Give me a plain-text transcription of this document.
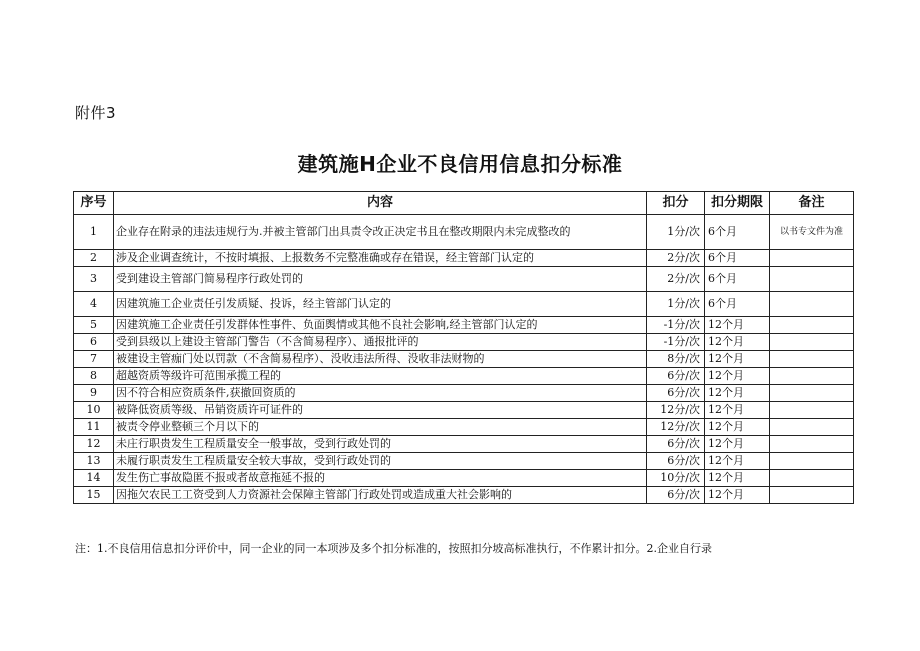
附件3
建筑施H企业不良信用信息扣分标准
序号	内容	扣分	扣分期限	备注
1	企业存在附录的违法违规行为.并被主管部门出具责令改正决定书且在整改期限内未完成整改的	1分/次	6个月	以书专文件为准
2	涉及企业调查统计，不按时填报、上报数务不完整准确或存在错误，经主管部门认定的	2分/次	6个月	
3	受到建设主管部门简易程序行政处罚的	2分/次	6个月	
4	因建筑施工企业责任引发质疑、投诉，经主管部门认定的	1分/次	6个月	
5	因建筑施工企业责任引发群体性事件、负面舆情或其他不良社会影响,经主管部门认定的	-1分/次	12个月	
6	受到县级以上建设主管部门警告（不含简易程序）、通报批评的	-1分/次	12个月	
7	被建设主管痂门处以罚款（不含简易程序）、没收违法所得、没收非法财物的	8分/次	12个月	
8	超越资质等级许可范围承揽工程的	6分/次	12个月	
9	因不符合相应资质条件,获撤回资质的	6分/次	12个月	
10	被降低资质等级、吊销资质许可证件的	12分/次	12个月	
11	被责令停业整顿三个月以下的	12分/次	12个月	
12	未庄行职贵发生工程质量安全一般事故，受到行政处罚的	6分/次	12个月	
13	未履行职责发生工程质量安全较大事故，受到行政处罚的	6分/次	12个月	
14	发生伤亡事故隐匿不报或者故意拖延不报的	10分/次	12个月	
15	因拖欠农民工工资受到人力资源社会保障主管部门行政处罚或造成重大社会影响的	6分/次	12个月	
注：1.不良信用信息扣分评价中，同一企业的同一本项涉及多个扣分标准的，按照扣分坡高标准执行，不作累计扣分。2.企业自行录
